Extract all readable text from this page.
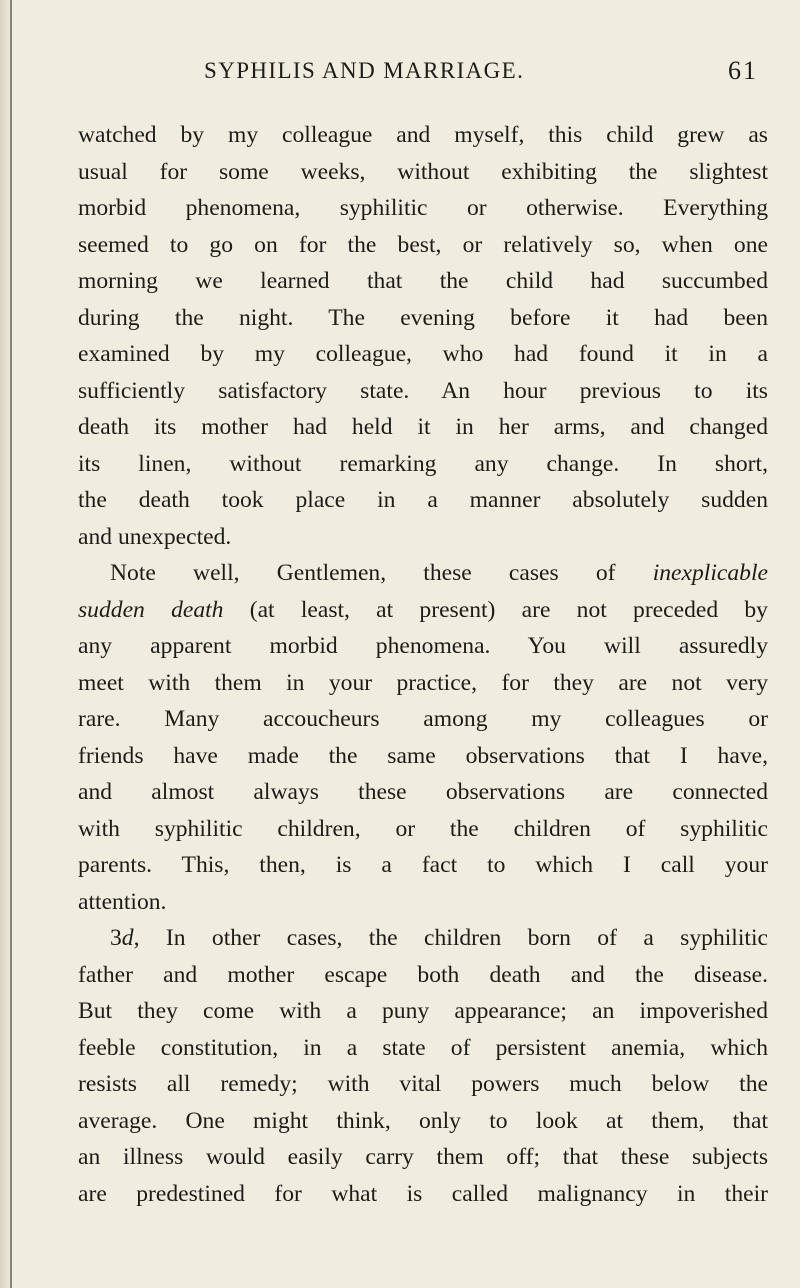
SYPHILIS AND MARRIAGE.	61
watched by my colleague and myself, this child grew as
usual for some weeks, without exhibiting the slightest
morbid phenomena, syphilitic or otherwise. Everything
seemed to go on for the best, or relatively so, when one
morning we learned that the child had succumbed
during the night. The evening before it had been
examined by my colleague, who had found it in a
sufficiently satisfactory state. An hour previous to its
death its mother had held it in her arms, and changed
its linen, without remarking any change. In short,
the death took place in a manner absolutely sudden
and unexpected.
Note well, Gentlemen, these cases of inexplicable
sudden death (at least, at present) are not preceded by
any apparent morbid phenomena. You will assuredly
meet with them in your practice, for they are not very
rare. Many accoucheurs among my colleagues or
friends have made the same observations that I have,
and almost always these observations are connected
with syphilitic children, or the children of syphilitic
parents. This, then, is a fact to which I call your
attention.
3d, In other cases, the children born of a syphilitic
father and mother escape both death and the disease.
But they come with a puny appearance; an impoverished
feeble constitution, in a state of persistent anemia, which
resists all remedy; with vital powers much below the
average. One might think, only to look at them, that
an illness would easily carry them off; that these subjects
are predestined for what is called malignancy in their
